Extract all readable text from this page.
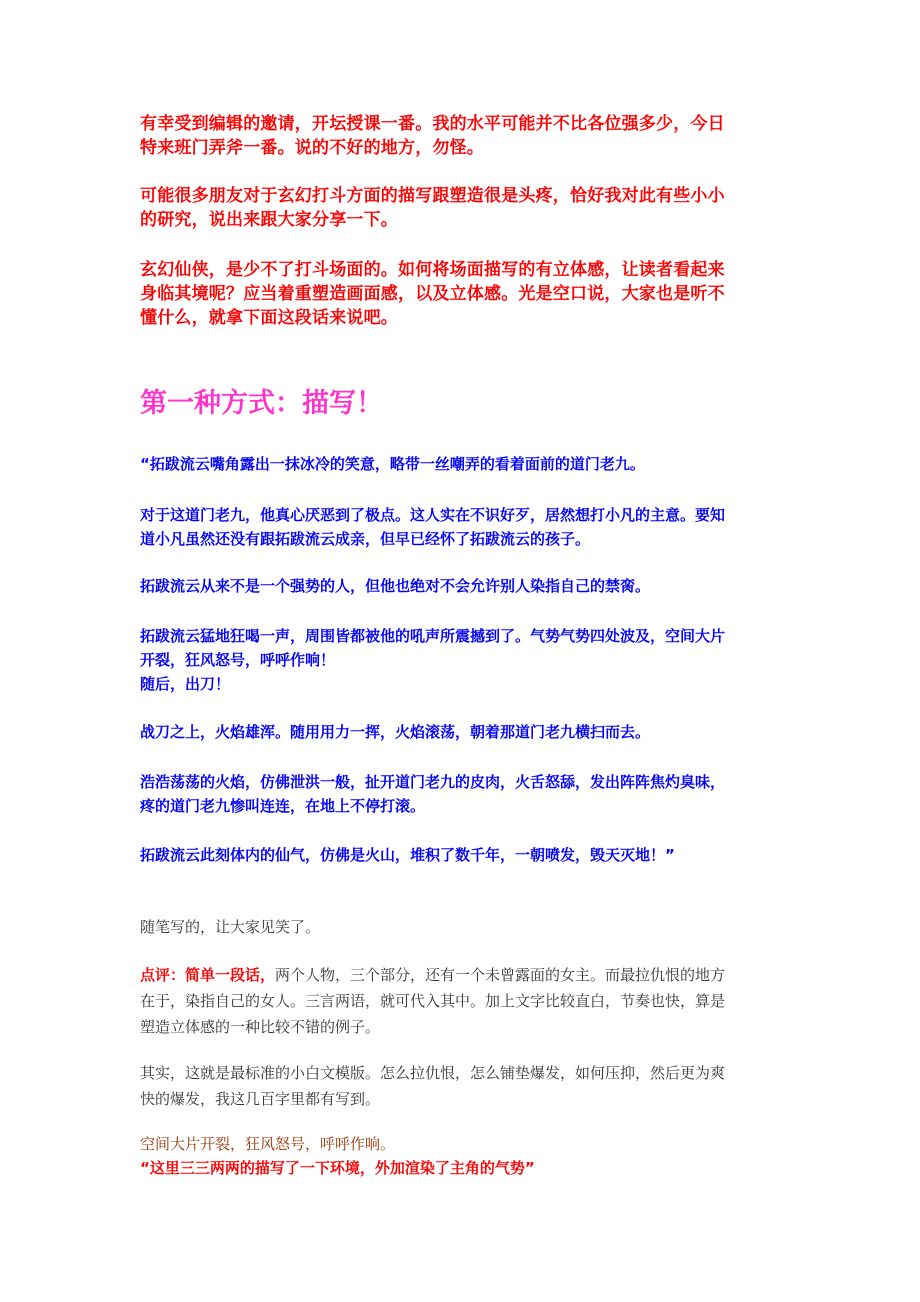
有幸受到编辑的邀请，开坛授课一番。我的水平可能并不比各位强多少，今日
特来班门弄斧一番。说的不好的地方，勿怪。

可能很多朋友对于玄幻打斗方面的描写跟塑造很是头疼，恰好我对此有些小小
的研究，说出来跟大家分享一下。

玄幻仙侠，是少不了打斗场面的。如何将场面描写的有立体感，让读者看起来
身临其境呢？应当着重塑造画面感，以及立体感。光是空口说，大家也是听不
懂什么，就拿下面这段话来说吧。

第一种方式：描写！

“拓跋流云嘴角露出一抹冰冷的笑意，略带一丝嘲弄的看着面前的道门老九。

对于这道门老九，他真心厌恶到了极点。这人实在不识好歹，居然想打小凡的主意。要知
道小凡虽然还没有跟拓跋流云成亲，但早已经怀了拓跋流云的孩子。

拓跋流云从来不是一个强势的人，但他也绝对不会允许别人染指自己的禁脔。

拓跋流云猛地狂喝一声，周围皆都被他的吼声所震撼到了。气势气势四处波及，空间大片
开裂，狂风怒号，呼呼作响！
随后，出刀！

战刀之上，火焰雄浑。随用用力一挥，火焰滚荡，朝着那道门老九横扫而去。

浩浩荡荡的火焰，仿佛泄洪一般，扯开道门老九的皮肉，火舌怒舔，发出阵阵焦灼臭味，
疼的道门老九惨叫连连，在地上不停打滚。

拓跋流云此刻体内的仙气，仿佛是火山，堆积了数千年，一朝喷发，毁天灭地！”

随笔写的，让大家见笑了。

点评：简单一段话，两个人物，三个部分，还有一个未曾露面的女主。而最拉仇恨的地方
在于，染指自己的女人。三言两语，就可代入其中。加上文字比较直白，节奏也快，算是
塑造立体感的一种比较不错的例子。

其实，这就是最标准的小白文模版。怎么拉仇恨，怎么铺垫爆发，如何压抑，然后更为爽
快的爆发，我这几百字里都有写到。

空间大片开裂，狂风怒号，呼呼作响。
“这里三三两两的描写了一下环境，外加渲染了主角的气势”
